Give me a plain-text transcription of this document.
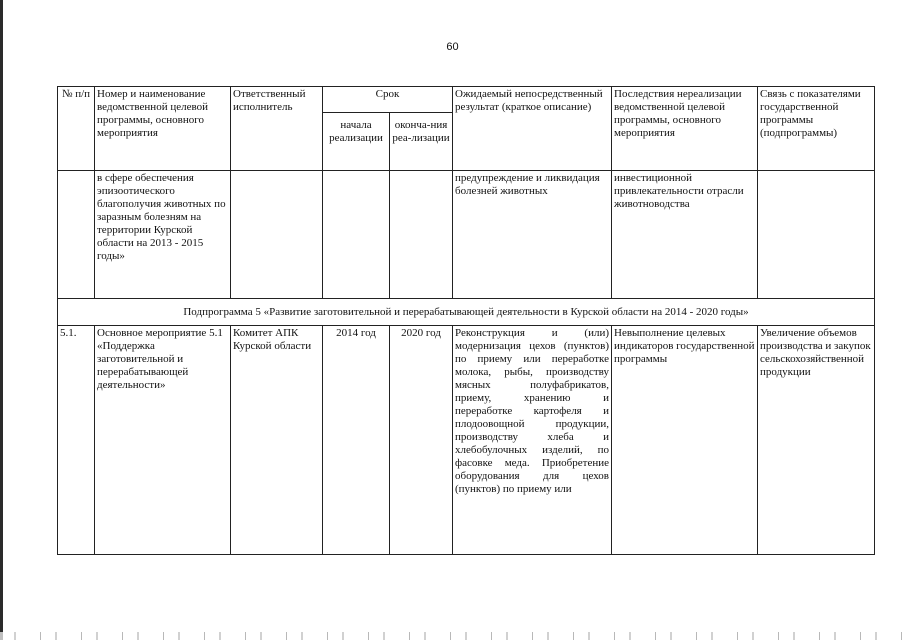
60
№ п/п	Номер и наименование ведомственной целевой программы, основного мероприятия	Ответственный исполнитель	Срок		Ожидаемый непосредственный результат (краткое описание)	Последствия нереализации ведомственной целевой программы, основного мероприятия	Связь с показателями государственной программы (подпрограммы)
			начала реализации	оконча-ния реа-лизации			
	в сфере обеспечения эпизоотического благополучия животных по заразным болезням на территории Курской области на 2013 - 2015 годы»				предупреждение и ликвидация болезней животных	инвестиционной привлекательности отрасли животноводства	
Подпрограмма 5 «Развитие заготовительной и перерабатывающей деятельности в Курской области на 2014 - 2020 годы»							
5.1.	Основное мероприятие 5.1 «Поддержка заготовительной и перерабатывающей деятельности»	Комитет АПК Курской области	2014 год	2020 год	Реконструкция и (или) модернизация цехов (пунктов) по приему или переработке молока, рыбы, производству мясных полуфабрикатов, приему, хранению и переработке картофеля и плодоовощной продукции, производству хлеба и хлебобулочных изделий, по фасовке меда. Приобретение оборудования для цехов (пунктов) по приему или	Невыполнение целевых индикаторов государственной программы	Увеличение объемов производства и закупок сельскохозяйственной продукции
